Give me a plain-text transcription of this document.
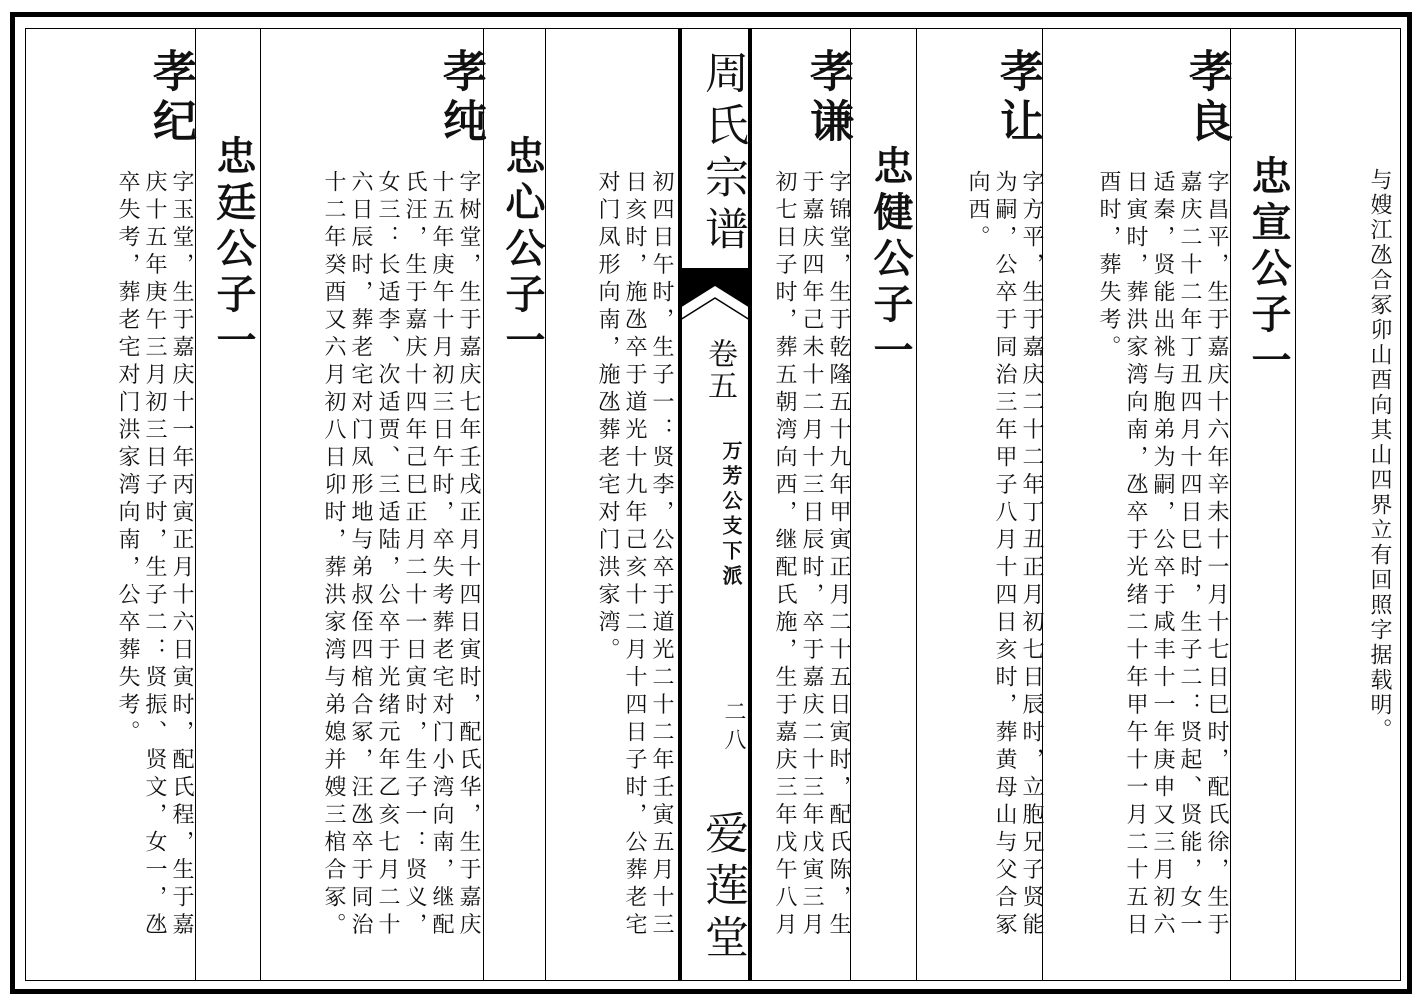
周氏宗谱
卷五
万芳公支下派
二八
爱莲堂
与嫂江氹合冢卯山酉向其山四界立有回照字据载明。
孝良
忠宣公子一
字昌平，生于嘉庆十六年辛未十一月十七日巳时，配氏徐，生于嘉庆二十二年丁丑四月十四日巳时，生子二：贤起、贤能，女一适秦，贤能出祧与胞弟为嗣，公卒于咸丰十一年庚申又三月初六日寅时，葬洪家湾向南，氹卒于光绪二十年甲午十一月二十五日酉时，葬失考。
孝让
字方平，生于嘉庆二十二年丁丑正月初七日辰时，立胞兄子贤能为嗣，公卒于同治三年甲子八月十四日亥时，葬黄母山与父合冢向西。
孝谦
忠健公子一
字锦堂，生于乾隆五十九年甲寅正月二十五日寅时，配氏陈，生于嘉庆四年己未十二月十三日辰时，卒于嘉庆二十三年戊寅三月初七日子时，葬五朝湾向西，继配氏施，生于嘉庆三年戊午八月
初四日午时，生子一：贤李，公卒于道光二十二年壬寅五月十三日亥时，施氹卒于道光十九年己亥十二月十四日子时，公葬老宅对门凤形向南，施氹葬老宅对门洪家湾。
孝纯
忠心公子一
字树堂，生于嘉庆七年壬戌正月十四日寅时，配氏华，生于嘉庆十五年庚午十月初三日午时，卒失考葬老宅对门小湾向南，继配氏汪，生于嘉庆十四年己巳正月二十一日寅时，生子一：贤义，女三：长适李、次适贾、三适陆，公卒于光绪元年乙亥七月二十六日辰时，葬老宅对门凤形地与弟叔侄四棺合冢，汪氹卒于同治十二年癸酉又六月初八日卯时，葬洪家湾与弟媳并嫂三棺合冢。
孝纪
忠廷公子一
字玉堂，生于嘉庆十一年丙寅正月十六日寅时，配氏程，生于嘉庆十五年庚午三月初三日子时，生子二：贤振、贤文，女一，氹卒失考，葬老宅对门洪家湾向南，公卒葬失考。
